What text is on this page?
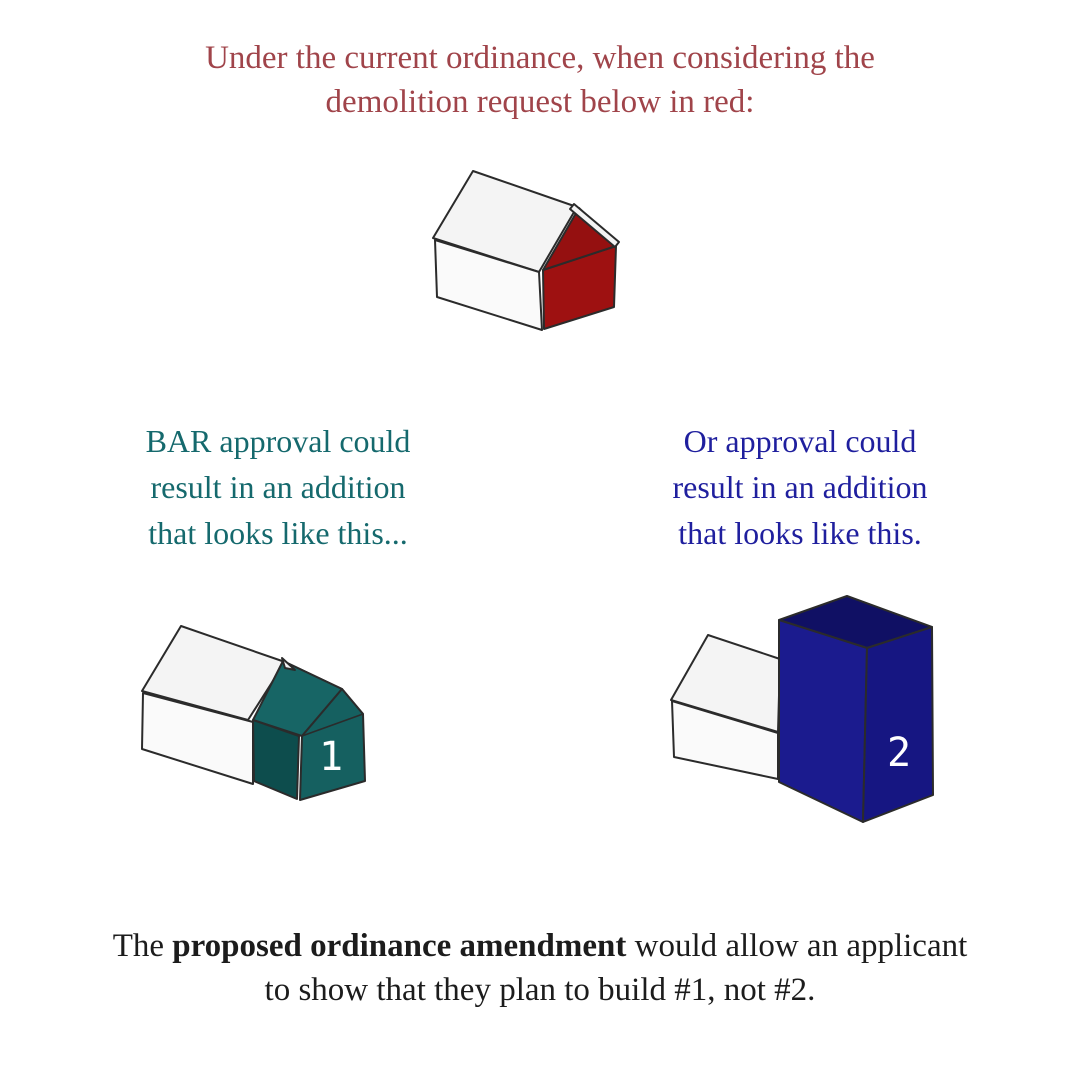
Under the current ordinance, when considering the
demolition request below in red:
BAR approval could
result in an addition
that looks like this...
Or approval could
result in an addition
that looks like this.
1	2
The proposed ordinance amendment would allow an applicant
to show that they plan to build #1, not #2.
